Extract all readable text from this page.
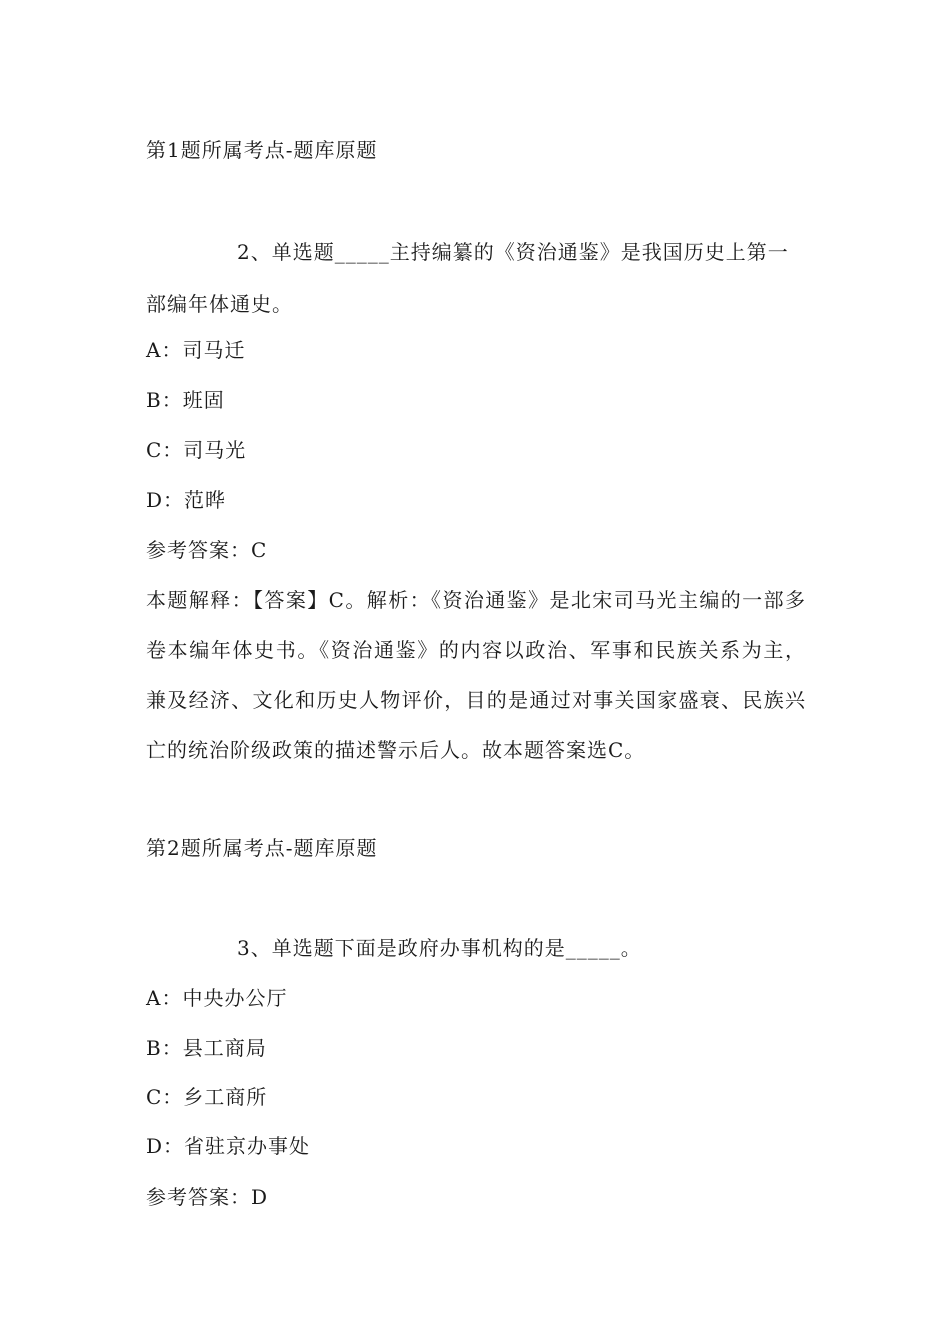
第1题所属考点-题库原题
2、单选题_____主持编纂的《资治通鉴》是我国历史上第一部编年体通史。
A：司马迁
B：班固
C：司马光
D：范晔
参考答案：C
本题解释：【答案】C。解析：《资治通鉴》是北宋司马光主编的一部多卷本编年体史书。《资治通鉴》的内容以政治、军事和民族关系为主，兼及经济、文化和历史人物评价，目的是通过对事关国家盛衰、民族兴亡的统治阶级政策的描述警示后人。故本题答案选C。
第2题所属考点-题库原题
3、单选题下面是政府办事机构的是_____。
A：中央办公厅
B：县工商局
C：乡工商所
D：省驻京办事处
参考答案：D
